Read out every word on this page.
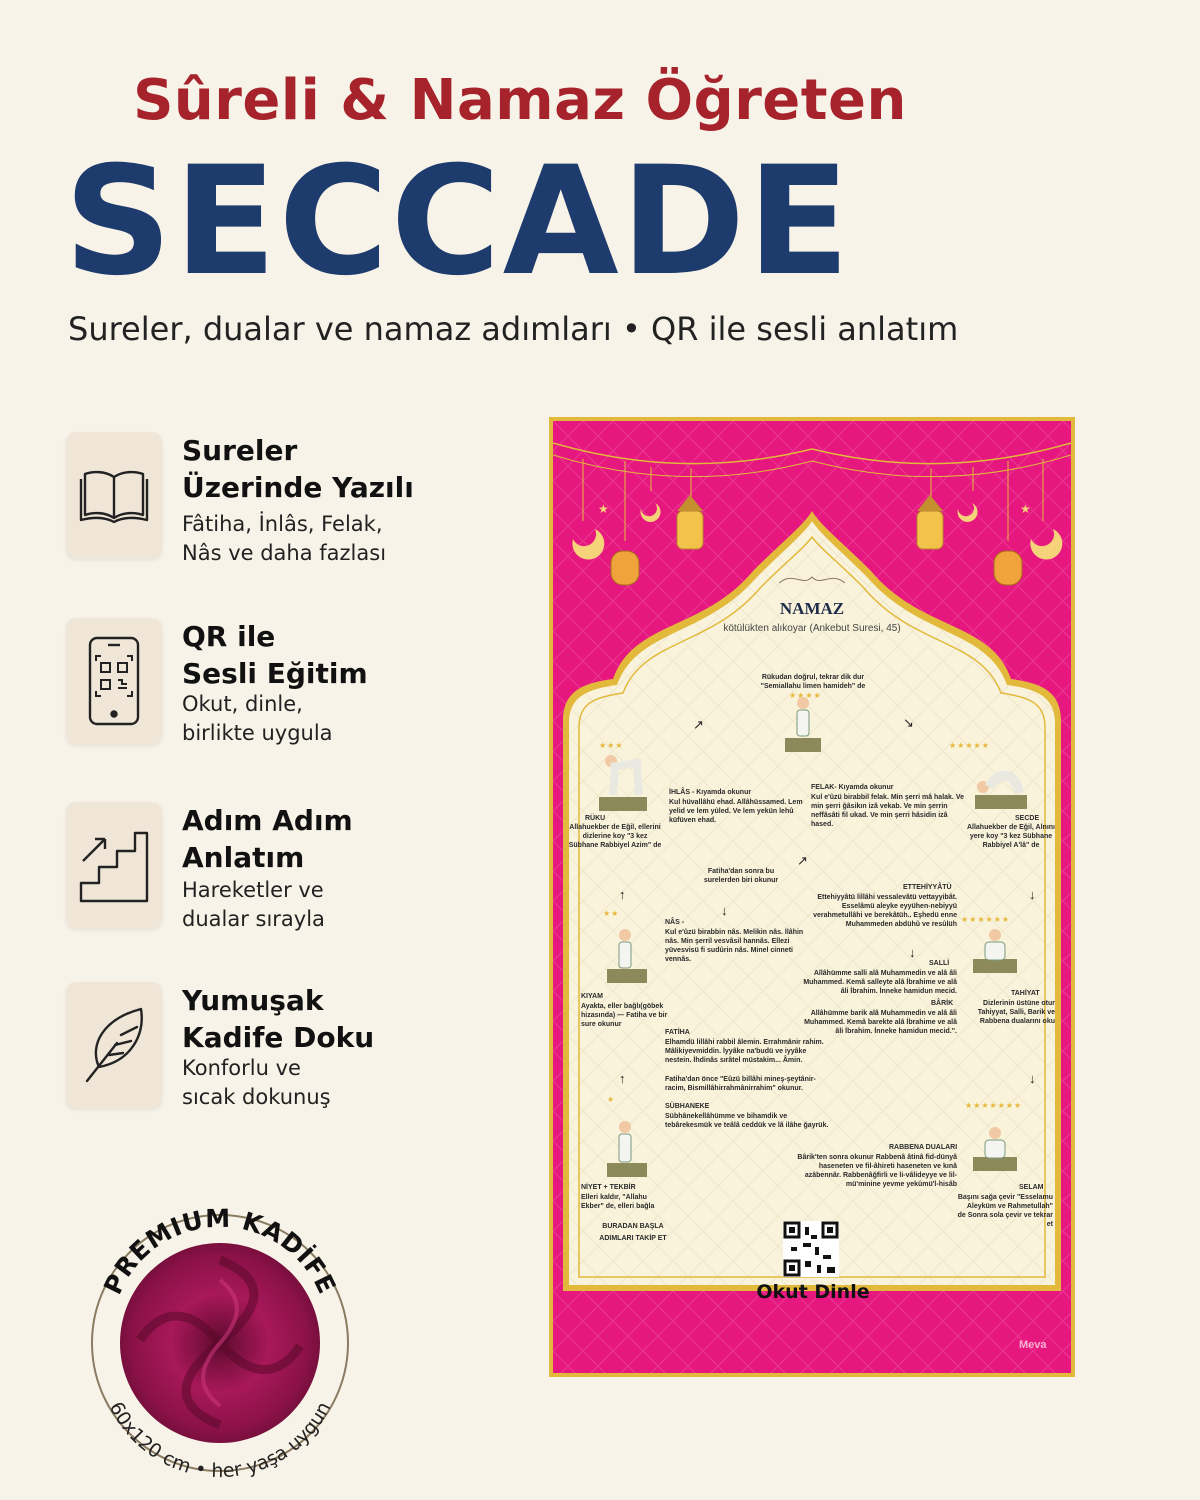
Sûreli & Namaz Öğreten
SECCADE
Sureler, dualar ve namaz adımları • QR ile sesli anlatım
Sureler
Üzerinde Yazılı
Fâtiha, İnlâs, Felak,
Nâs ve daha fazlası
QR ile
Sesli Eğitim
Okut, dinle,
birlikte uygula
Adım Adım
Anlatım
Hareketler ve
dualar sırayla
Yumuşak
Kadife Doku
Konforlu ve
sıcak dokunuş
PREMIUM KADİFE
60x120 cm • her yaşa uygun
★	★
NAMAZ
kötülükten alıkoyar (Ankebut Suresi, 45)
Rükudan doğrul, tekrar dik dur
"Semiallahu limen hamideh" de
★★★★
★★★
RÜKU
Allahuekber de Eğil, ellerini dizlerine koy "3 kez Sübhane Rabbiyel Azim" de
★★★★★
SECDE
Allahuekber de Eğil, Alnını yere koy "3 kez Sübhane Rabbiyel A'lâ" de
İHLÂS - Kıyamda okunur
Kul hüvallâhü ehad. Allâhüssamed. Lem yelid ve lem yûled. Ve lem yekün lehû küfüven ehad.
FELAK- Kıyamda okunur
Kul e'ûzü birabbil felak. Min şerri mâ halak. Ve min şerri ğâsikın izâ vekab. Ve min şerrin neffâsâti fil ukad. Ve min şerri hâsidin izâ hased.
Fatiha'dan sonra bu surelerden biri okunur
ETTEHİYYÂTÜ
Ettehiyyâtü lillâhi vessalevâtü vettayyibât. Esselâmü aleyke eyyühen-nebiyyü verahmetullâhi ve berekâtüh.. Eşhedü enne Muhammeden abdühû ve resûlüh
★★
NÂS -
Kul e'ûzü birabbin nâs. Melikin nâs. İlâhin nâs. Min şerril vesvâsil hannâs. Ellezi yüvesvisü fi sudûrin nâs. Minel cinneti vennâs.
★★★★★★
SALLİ
Allâhümme salli alâ Muhammedin ve alâ âli Muhammed. Kemâ salleyte alâ İbrahime ve alâ âli İbrahim. İnneke hamidun mecid.
BÂRİK
Allâhümme barik alâ Muhammedin ve alâ âli Muhammed. Kemâ barekte alâ İbrahime ve alâ âli İbrahim. İnneke hamidun mecid.".
KIYAM
Ayakta, eller bağlı(göbek hizasında) — Fatiha ve bir sure okunur
TAHİYAT
Dizlerinin üstüne otur Tahiyyat, Salli, Barik ve Rabbena dualarını oku
FATİHA
Elhamdü lillâhi rabbil âlemin. Errahmânir rahim. Mâlikiyevmiddin. İyyâke na'budü ve iyyâke nestein. İhdinâs sırâtel müstakim... Âmin.
Fatiha'dan önce "Eûzü billâhi mineş-şeytânir-racim, Bismillâhirrahmânirrahim" okunur.
SÜBHANEKE
Sübhânekellâhümme ve bihamdik ve tebârekesmük ve teâlâ ceddük ve lâ ilâhe ğayrük.
★
NİYET + TEKBİR
Elleri kaldır, "Allahu Ekber" de, elleri bağla
★★★★★★★
RABBENA DUALARI
Bârik'ten sonra okunur Rabbenâ âtinâ fid-dünyâ haseneten ve fil-âhireti haseneten ve kınâ azâbennâr. Rabbenâğfirli ve li-vâlideyye ve lil-mü'minine yevme yekûmü'l-hisâb	SELAM
Başını sağa çevir "Esselamu Aleyküm ve Rahmetullah" de Sonra sola çevir ve tekrar et
BURADAN BAŞLA ADIMLARI TAKİP ET
Okut Dinle
Meva
↗	↘
↗
↓
↑
↓
↓
↓
↑
